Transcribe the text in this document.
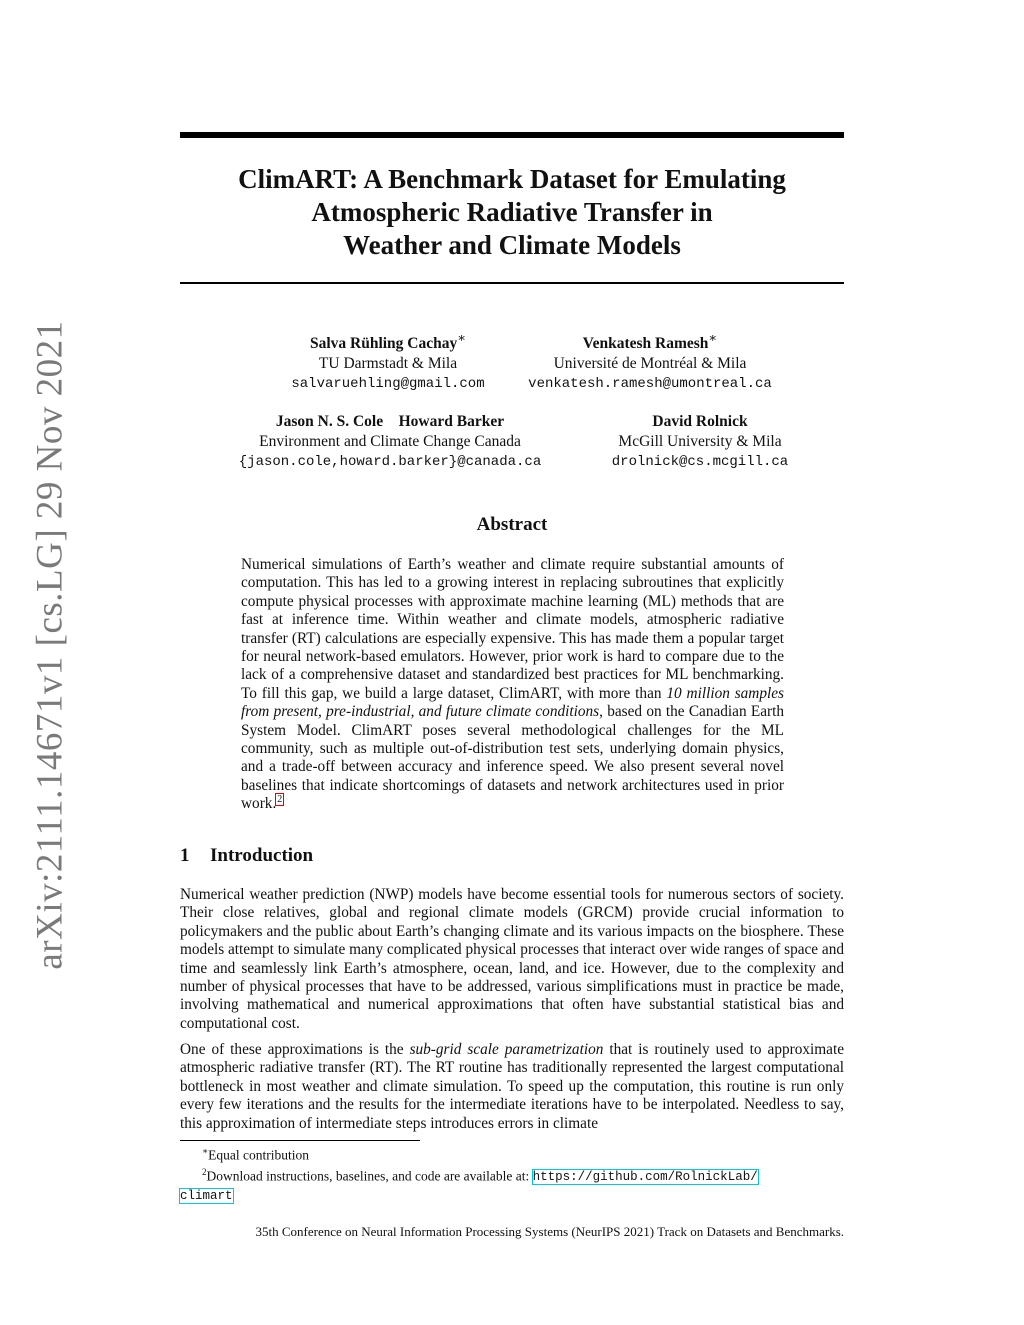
arXiv:2111.14671v1 [cs.LG] 29 Nov 2021
ClimART: A Benchmark Dataset for Emulating
Atmospheric Radiative Transfer in
Weather and Climate Models
Salva Rühling Cachay∗
TU Darmstadt & Mila
salvaruehling@gmail.com
Venkatesh Ramesh∗
Université de Montréal & Mila
venkatesh.ramesh@umontreal.ca
Jason N. S. Cole    Howard Barker
Environment and Climate Change Canada
{jason.cole,howard.barker}@canada.ca
David Rolnick
McGill University & Mila
drolnick@cs.mcgill.ca
Abstract

Numerical simulations of Earth’s weather and climate require substantial amounts of computation. This has led to a growing interest in replacing subroutines that explicitly compute physical processes with approximate machine learning (ML) methods that are fast at inference time. Within weather and climate models, atmospheric radiative transfer (RT) calculations are especially expensive. This has made them a popular target for neural network-based emulators. However, prior work is hard to compare due to the lack of a comprehensive dataset and standardized best practices for ML benchmarking. To fill this gap, we build a large dataset, ClimART, with more than 10 million samples from present, pre-industrial, and future climate conditions, based on the Canadian Earth System Model. ClimART poses several methodological challenges for the ML community, such as multiple out-of-distribution test sets, underlying domain physics, and a trade-off between accuracy and inference speed. We also present several novel baselines that indicate shortcomings of datasets and network architectures used in prior work.$^2$

1 Introduction

Numerical weather prediction (NWP) models have become essential tools for numerous sectors of society. Their close relatives, global and regional climate models (GRCM) provide crucial information to policymakers and the public about Earth’s changing climate and its various impacts on the biosphere. These models attempt to simulate many complicated physical processes that interact over wide ranges of space and time and seamlessly link Earth’s atmosphere, ocean, land, and ice. However, due to the complexity and number of physical processes that have to be addressed, various simplifications must in practice be made, involving mathematical and numerical approximations that often have substantial statistical bias and computational cost.

One of these approximations is the sub-grid scale parametrization that is routinely used to approximate atmospheric radiative transfer (RT). The RT routine has traditionally represented the largest computational bottleneck in most weather and climate simulation. To speed up the computation, this routine is run only every few iterations and the results for the intermediate iterations have to be interpolated. Needless to say, this approximation of intermediate steps introduces errors in climate

∗Equal contribution

$^2$Download instructions, baselines, and code are available at: https://github.com/RolnickLab/
climart

35th Conference on Neural Information Processing Systems (NeurIPS 2021) Track on Datasets and Benchmarks.
